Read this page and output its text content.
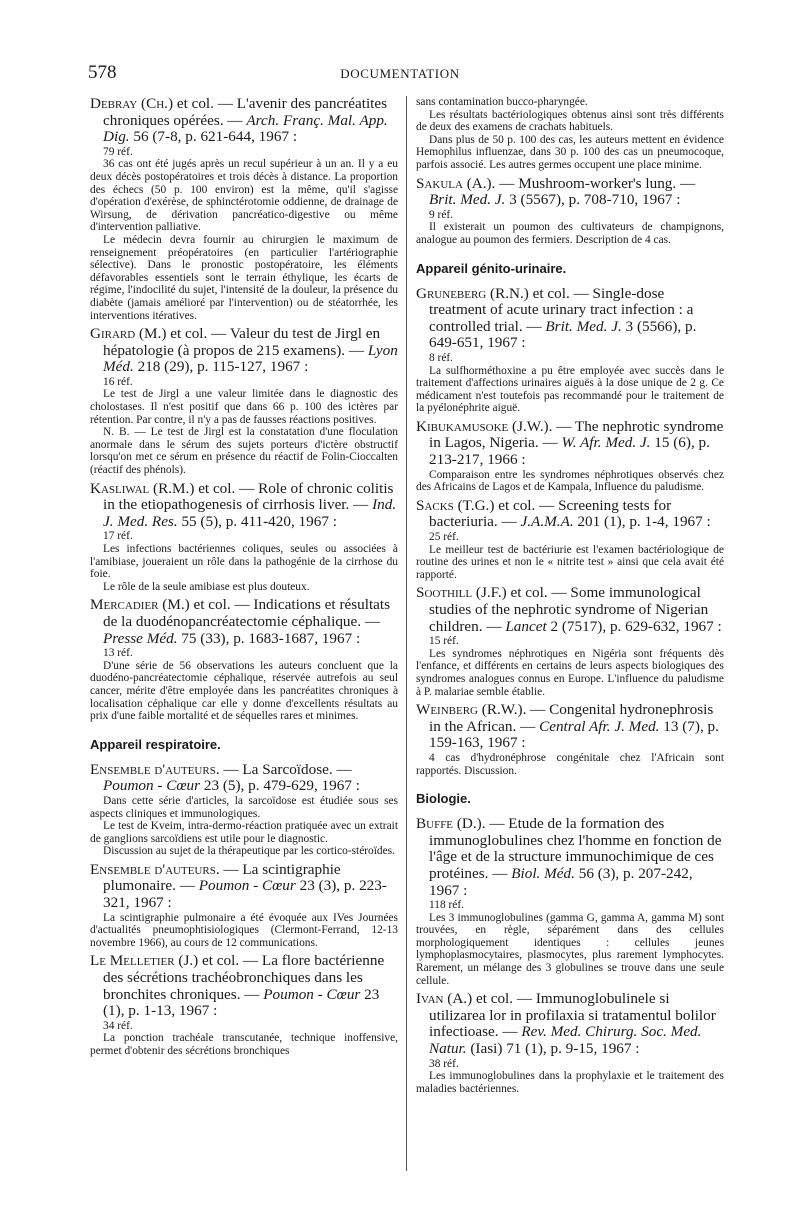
578	DOCUMENTATION
Debray (Ch.) et col. — L'avenir des pancréatites chroniques opérées. — Arch. Franç. Mal. App. Dig. 56 (7-8, p. 621-644, 1967 :
79 réf.
36 cas ont été jugés après un recul supérieur à un an. Il y a eu deux décès postopératoires et trois décès à distance. La proportion des échecs (50 p. 100 environ) est la même, qu'il s'agisse d'opération d'exérèse, de sphinctérotomie oddienne, de drainage de Wirsung, de dérivation pancréatico-digestive ou même d'intervention palliative.
Le médecin devra fournir au chirurgien le maximum de renseignement préopératoires (en particulier l'artériographie sélective). Dans le pronostic postopératoire, les éléments défavorables essentiels sont le terrain éthylique, les écarts de régime, l'indocilité du sujet, l'intensité de la douleur, la présence du diabète (jamais amélioré par l'intervention) ou de stéatorrhée, les interventions itératives.
Girard (M.) et col. — Valeur du test de Jirgl en hépatologie (à propos de 215 examens). — Lyon Méd. 218 (29), p. 115-127, 1967 :
16 réf.
Le test de Jirgl a une valeur limitée dans le diagnostic des cholostases. Il n'est positif que dans 66 p. 100 des ictères par rétention. Par contre, il n'y a pas de fausses réactions positives.
N. B. — Le test de Jirgl est la constatation d'une floculation anormale dans le sérum des sujets porteurs d'ictère obstructif lorsqu'on met ce sérum en présence du réactif de Folin-Cioccalten (réactif des phénols).
Kasliwal (R.M.) et col. — Role of chronic colitis in the etiopathogenesis of cirrhosis liver. — Ind. J. Med. Res. 55 (5), p. 411-420, 1967 :
17 réf.
Les infections bactériennes coliques, seules ou associées à l'amibiase, joueraient un rôle dans la pathogénie de la cirrhose du foie.
Le rôle de la seule amibiase est plus douteux.
Mercadier (M.) et col. — Indications et résultats de la duodénopancréatectomie céphalique. — Presse Méd. 75 (33), p. 1683-1687, 1967 :
13 réf.
D'une série de 56 observations les auteurs concluent que la duodéno-pancréatectomie céphalique, réservée autrefois au seul cancer, mérite d'être employée dans les pancréatites chroniques à localisation céphalique car elle y donne d'excellents résultats au prix d'une faible mortalité et de séquelles rares et minimes.
Appareil respiratoire.
Ensemble d'auteurs. — La Sarcoïdose. — Poumon - Cœur 23 (5), p. 479-629, 1967 :
Dans cette série d'articles, la sarcoïdose est étudiée sous ses aspects cliniques et immunologiques.
Le test de Kveim, intra-dermo-réaction pratiquée avec un extrait de ganglions sarcoïdiens est utile pour le diagnostic.
Discussion au sujet de la thérapeutique par les cortico-stéroïdes.
Ensemble d'auteurs. — La scintigraphie plumonaire. — Poumon - Cœur 23 (3), p. 223-321, 1967 :
La scintigraphie pulmonaire a été évoquée aux IVes Journées d'actualités pneumophtisiologiques (Clermont-Ferrand, 12-13 novembre 1966), au cours de 12 communications.
Le Melletier (J.) et col. — La flore bactérienne des sécrétions trachéobronchiques dans les bronchites chroniques. — Poumon - Cœur 23 (1), p. 1-13, 1967 :
34 réf.
La ponction trachéale transcutanée, technique inoffensive, permet d'obtenir des sécrétions bronchiques
sans contamination bucco-pharyngée.
Les résultats bactériologiques obtenus ainsi sont très différents de deux des examens de crachats habituels.
Dans plus de 50 p. 100 des cas, les auteurs mettent en évidence Hemophilus influenzae, dans 30 p. 100 des cas un pneumocoque, parfois associé. Les autres germes occupent une place minime.
Sakula (A.). — Mushroom-worker's lung. — Brit. Med. J. 3 (5567), p. 708-710, 1967 :
9 réf.
Il existerait un poumon des cultivateurs de champignons, analogue au poumon des fermiers. Description de 4 cas.
Appareil génito-urinaire.
Gruneberg (R.N.) et col. — Single-dose treatment of acute urinary tract infection : a controlled trial. — Brit. Med. J. 3 (5566), p. 649-651, 1967 :
8 réf.
La sulfhorméthoxine a pu être employée avec succès dans le traitement d'affections urinaires aiguës à la dose unique de 2 g. Ce médicament n'est toutefois pas recommandé pour le traitement de la pyélonéphrite aiguë.
Kibukamusoke (J.W.). — The nephrotic syndrome in Lagos, Nigeria. — W. Afr. Med. J. 15 (6), p. 213-217, 1966 :
Comparaison entre les syndromes néphrotiques observés chez des Africains de Lagos et de Kampala, Influence du paludisme.
Sacks (T.G.) et col. — Screening tests for bacteriuria. — J.A.M.A. 201 (1), p. 1-4, 1967 :
25 réf.
Le meilleur test de bactériurie est l'examen bactériologique de routine des urines et non le « nitrite test » ainsi que cela avait été rapporté.
Soothill (J.F.) et col. — Some immunological studies of the nephrotic syndrome of Nigerian children. — Lancet 2 (7517), p. 629-632, 1967 :
15 réf.
Les syndromes néphrotiques en Nigéria sont fréquents dès l'enfance, et différents en certains de leurs aspects biologiques des syndromes analogues connus en Europe. L'influence du paludisme à P. malariae semble établie.
Weinberg (R.W.). — Congenital hydronephrosis in the African. — Central Afr. J. Med. 13 (7), p. 159-163, 1967 :
4 cas d'hydronéphrose congénitale chez l'Africain sont rapportés. Discussion.
Biologie.
Buffe (D.). — Etude de la formation des immunoglobulines chez l'homme en fonction de l'âge et de la structure immunochimique de ces protéines. — Biol. Méd. 56 (3), p. 207-242, 1967 :
118 réf.
Les 3 immunoglobulines (gamma G, gamma A, gamma M) sont trouvées, en règle, séparément dans des cellules morphologiquement identiques : cellules jeunes lymphoplasmocytaires, plasmocytes, plus rarement lymphocytes. Rarement, un mélange des 3 globulines se trouve dans une seule cellule.
Ivan (A.) et col. — Immunoglobulinele si utilizarea lor in profilaxia si tratamentul bolilor infectioase. — Rev. Med. Chirurg. Soc. Med. Natur. (Iasi) 71 (1), p. 9-15, 1967 :
38 réf.
Les immunoglobulines dans la prophylaxie et le traitement des maladies bactériennes.
